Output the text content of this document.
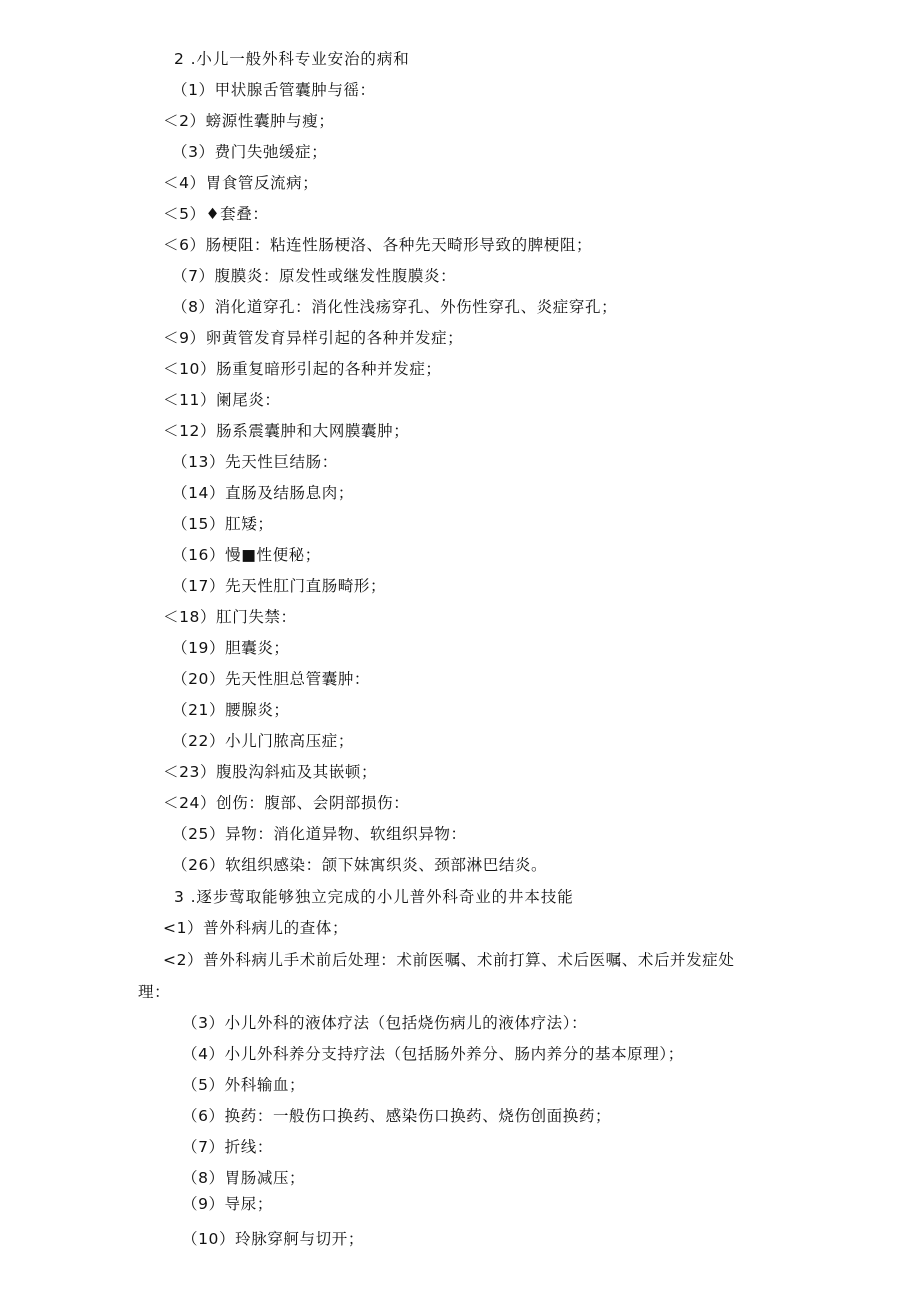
2 .小儿一般外科专业安治的病和
（1）甲状腺舌管囊肿与徭：
＜2）螃源性囊肿与瘦；
（3）费门失弛缓症；
＜4）胃食管反流病；
＜5）♦套叠：
＜6）肠梗阻：粘连性肠梗洛、各种先天畸形导致的脾梗阻；
（7）腹膜炎：原发性或继发性腹膜炎：
（8）消化道穿孔：消化性浅疡穿孔、外伤性穿孔、炎症穿孔；
＜9）卵黄管发育异样引起的各种并发症；
＜10）肠重复暗形引起的各种并发症；
＜11）阑尾炎：
＜12）肠系震囊肿和大网膜囊肿；
（13）先天性巨结肠：
（14）直肠及结肠息肉；
（15）肛矮；
（16）慢■性便秘；
（17）先天性肛门直肠畸形；
＜18）肛门失禁：
（19）胆囊炎；
（20）先天性胆总管囊肿：
（21）腰腺炎；
（22）小儿门脓高压症；
＜23）腹股沟斜疝及其嵌顿；
＜24）创伤：腹部、会阴部损伤：
（25）异物：消化道异物、软组织异物：
（26）软组织感染：颌下妹寓织炎、颈部淋巴结炎。
3 .逐步莺取能够独立完成的小儿普外科奇业的井本技能
<1）普外科病儿的查体；
<2）普外科病儿手术前后处理：术前医嘱、术前打算、术后医嘱、术后并发症处
理：
（3）小儿外科的液体疗法（包括烧伤病儿的液体疗法）：
（4）小儿外科养分支持疗法（包括肠外养分、肠内养分的基本原理）；
（5）外科输血；
（6）换药：一般伤口换药、感染伤口换药、烧伤创面换药；
（7）折线：
（8）胃肠减压；
（9）导尿；
（10）玲脉穿舸与切开；
